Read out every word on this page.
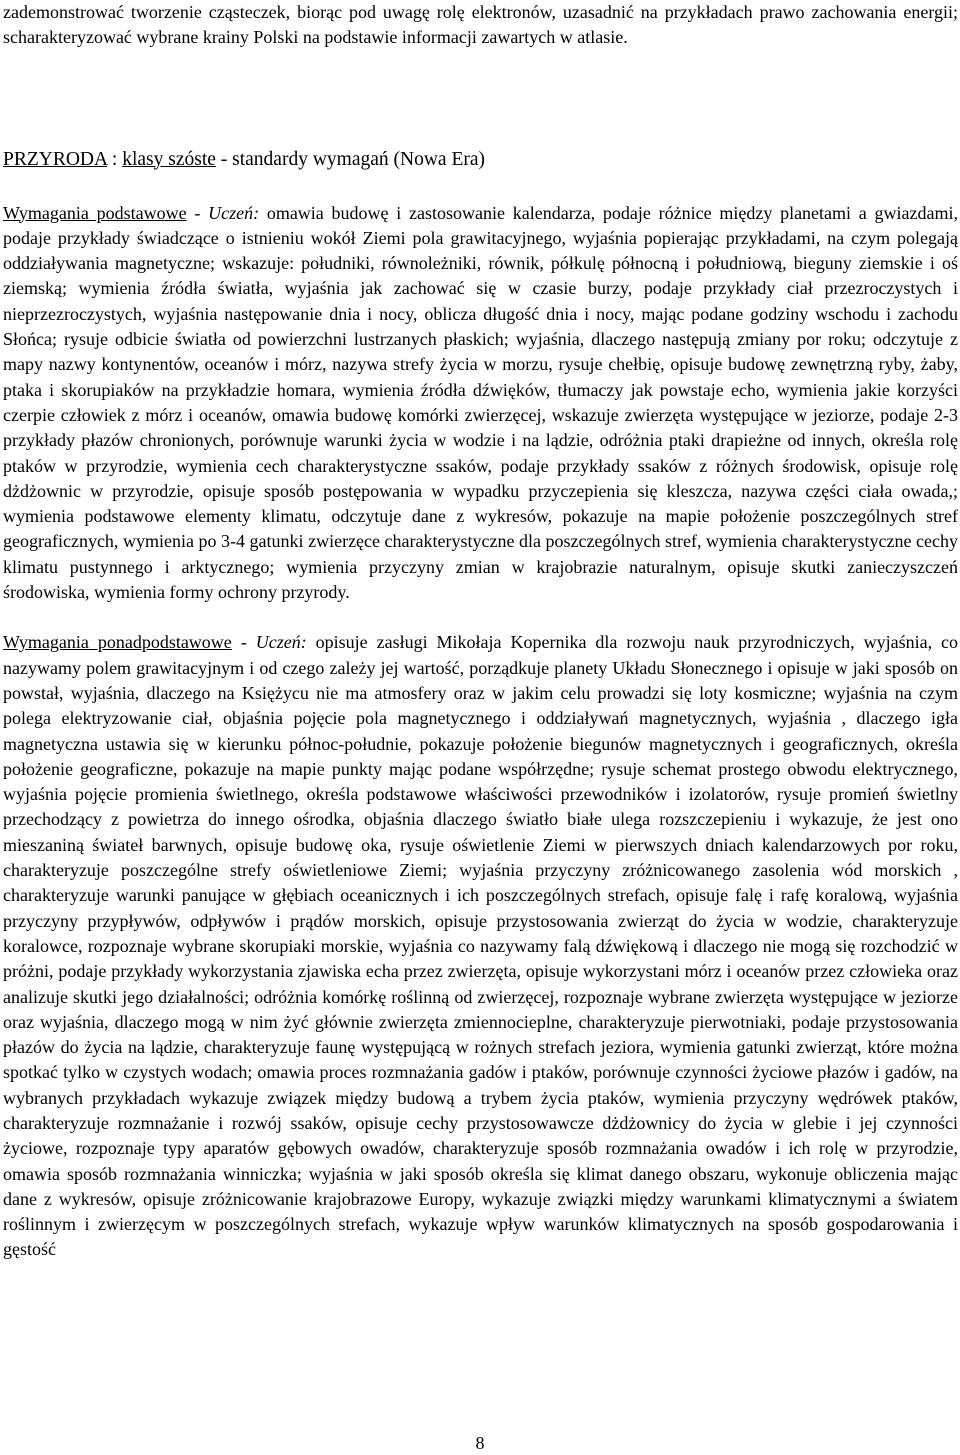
zademonstrować tworzenie cząsteczek, biorąc pod uwagę rolę elektronów, uzasadnić na przykładach prawo zachowania energii; scharakteryzować wybrane krainy Polski na podstawie informacji zawartych w atlasie.

PRZYRODA : klasy szóste - standardy wymagań (Nowa Era)

Wymagania podstawowe - Uczeń: omawia budowę i zastosowanie kalendarza, podaje różnice między planetami a gwiazdami, podaje przykłady świadczące o istnieniu wokół Ziemi pola grawitacyjnego, wyjaśnia popierając przykładami, na czym polegają oddziaływania magnetyczne; wskazuje: południki, równoleżniki, równik, półkulę północną i południową, bieguny ziemskie i oś ziemską; wymienia źródła światła, wyjaśnia jak zachować się w czasie burzy, podaje przykłady ciał przezroczystych i nieprzezroczystych, wyjaśnia następowanie dnia i nocy, oblicza długość dnia i nocy, mając podane godziny wschodu i zachodu Słońca; rysuje odbicie światła od powierzchni lustrzanych płaskich; wyjaśnia, dlaczego następują zmiany por roku; odczytuje z mapy nazwy kontynentów, oceanów i mórz, nazywa strefy życia w morzu, rysuje chełbię, opisuje budowę zewnętrzną ryby, żaby, ptaka i skorupiaków na przykładzie homara, wymienia źródła dźwięków, tłumaczy jak powstaje echo, wymienia jakie korzyści czerpie człowiek z mórz i oceanów, omawia budowę komórki zwierzęcej, wskazuje zwierzęta występujące w jeziorze, podaje 2-3 przykłady płazów chronionych, porównuje warunki życia w wodzie i na lądzie, odróżnia ptaki drapieżne od innych, określa rolę ptaków w przyrodzie, wymienia cech charakterystyczne ssaków, podaje przykłady ssaków z różnych środowisk, opisuje rolę dżdżownic w przyrodzie, opisuje sposób postępowania w wypadku przyczepienia się kleszcza, nazywa części ciała owada,; wymienia podstawowe elementy klimatu, odczytuje dane z wykresów, pokazuje na mapie położenie poszczególnych stref geograficznych, wymienia po 3-4 gatunki zwierzęce charakterystyczne dla poszczególnych stref, wymienia charakterystyczne cechy klimatu pustynnego i arktycznego; wymienia przyczyny zmian w krajobrazie naturalnym, opisuje skutki zanieczyszczeń środowiska, wymienia formy ochrony przyrody.

Wymagania ponadpodstawowe - Uczeń: opisuje zasługi Mikołaja Kopernika dla rozwoju nauk przyrodniczych, wyjaśnia, co nazywamy polem grawitacyjnym i od czego zależy jej wartość, porządkuje planety Układu Słonecznego i opisuje w jaki sposób on powstał, wyjaśnia, dlaczego na Księżycu nie ma atmosfery oraz w jakim celu prowadzi się loty kosmiczne; wyjaśnia na czym polega elektryzowanie ciał, objaśnia pojęcie pola magnetycznego i oddziaływań magnetycznych, wyjaśnia , dlaczego igła magnetyczna ustawia się w kierunku północ-południe, pokazuje położenie biegunów magnetycznych i geograficznych, określa położenie geograficzne, pokazuje na mapie punkty mając podane współrzędne; rysuje schemat prostego obwodu elektrycznego, wyjaśnia pojęcie promienia świetlnego, określa podstawowe właściwości przewodników i izolatorów, rysuje promień świetlny przechodzący z powietrza do innego ośrodka, objaśnia dlaczego światło białe ulega rozszczepieniu i wykazuje, że jest ono mieszaniną świateł barwnych, opisuje budowę oka, rysuje oświetlenie Ziemi w pierwszych dniach kalendarzowych por roku, charakteryzuje poszczególne strefy oświetleniowe Ziemi; wyjaśnia przyczyny zróżnicowanego zasolenia wód morskich , charakteryzuje warunki panujące w głębiach oceanicznych i ich poszczególnych strefach, opisuje falę i rafę koralową, wyjaśnia przyczyny przypływów, odpływów i prądów morskich, opisuje przystosowania zwierząt do życia w wodzie, charakteryzuje koralowce, rozpoznaje wybrane skorupiaki morskie, wyjaśnia co nazywamy falą dźwiękową i dlaczego nie mogą się rozchodzić w próżni, podaje przykłady wykorzystania zjawiska echa przez zwierzęta, opisuje wykorzystani mórz i oceanów przez człowieka oraz analizuje skutki jego działalności; odróżnia komórkę roślinną od zwierzęcej, rozpoznaje wybrane zwierzęta występujące w jeziorze oraz wyjaśnia, dlaczego mogą w nim żyć głównie zwierzęta zmiennocieplne, charakteryzuje pierwotniaki, podaje przystosowania płazów do życia na lądzie, charakteryzuje faunę występującą w rożnych strefach jeziora, wymienia gatunki zwierząt, które można spotkać tylko w czystych wodach; omawia proces rozmnażania gadów i ptaków, porównuje czynności życiowe płazów i gadów, na wybranych przykładach wykazuje związek między budową a trybem życia ptaków, wymienia przyczyny wędrówek ptaków, charakteryzuje rozmnażanie i rozwój ssaków, opisuje cechy przystosowawcze dżdżownicy do życia w glebie i jej czynności życiowe, rozpoznaje typy aparatów gębowych owadów, charakteryzuje sposób rozmnażania owadów i ich rolę w przyrodzie, omawia sposób rozmnażania winniczka; wyjaśnia w jaki sposób określa się klimat danego obszaru, wykonuje obliczenia mając dane z wykresów, opisuje zróżnicowanie krajobrazowe Europy, wykazuje związki między warunkami klimatycznymi a światem roślinnym i zwierzęcym w poszczególnych strefach, wykazuje wpływ warunków klimatycznych na sposób gospodarowania i gęstość

8
